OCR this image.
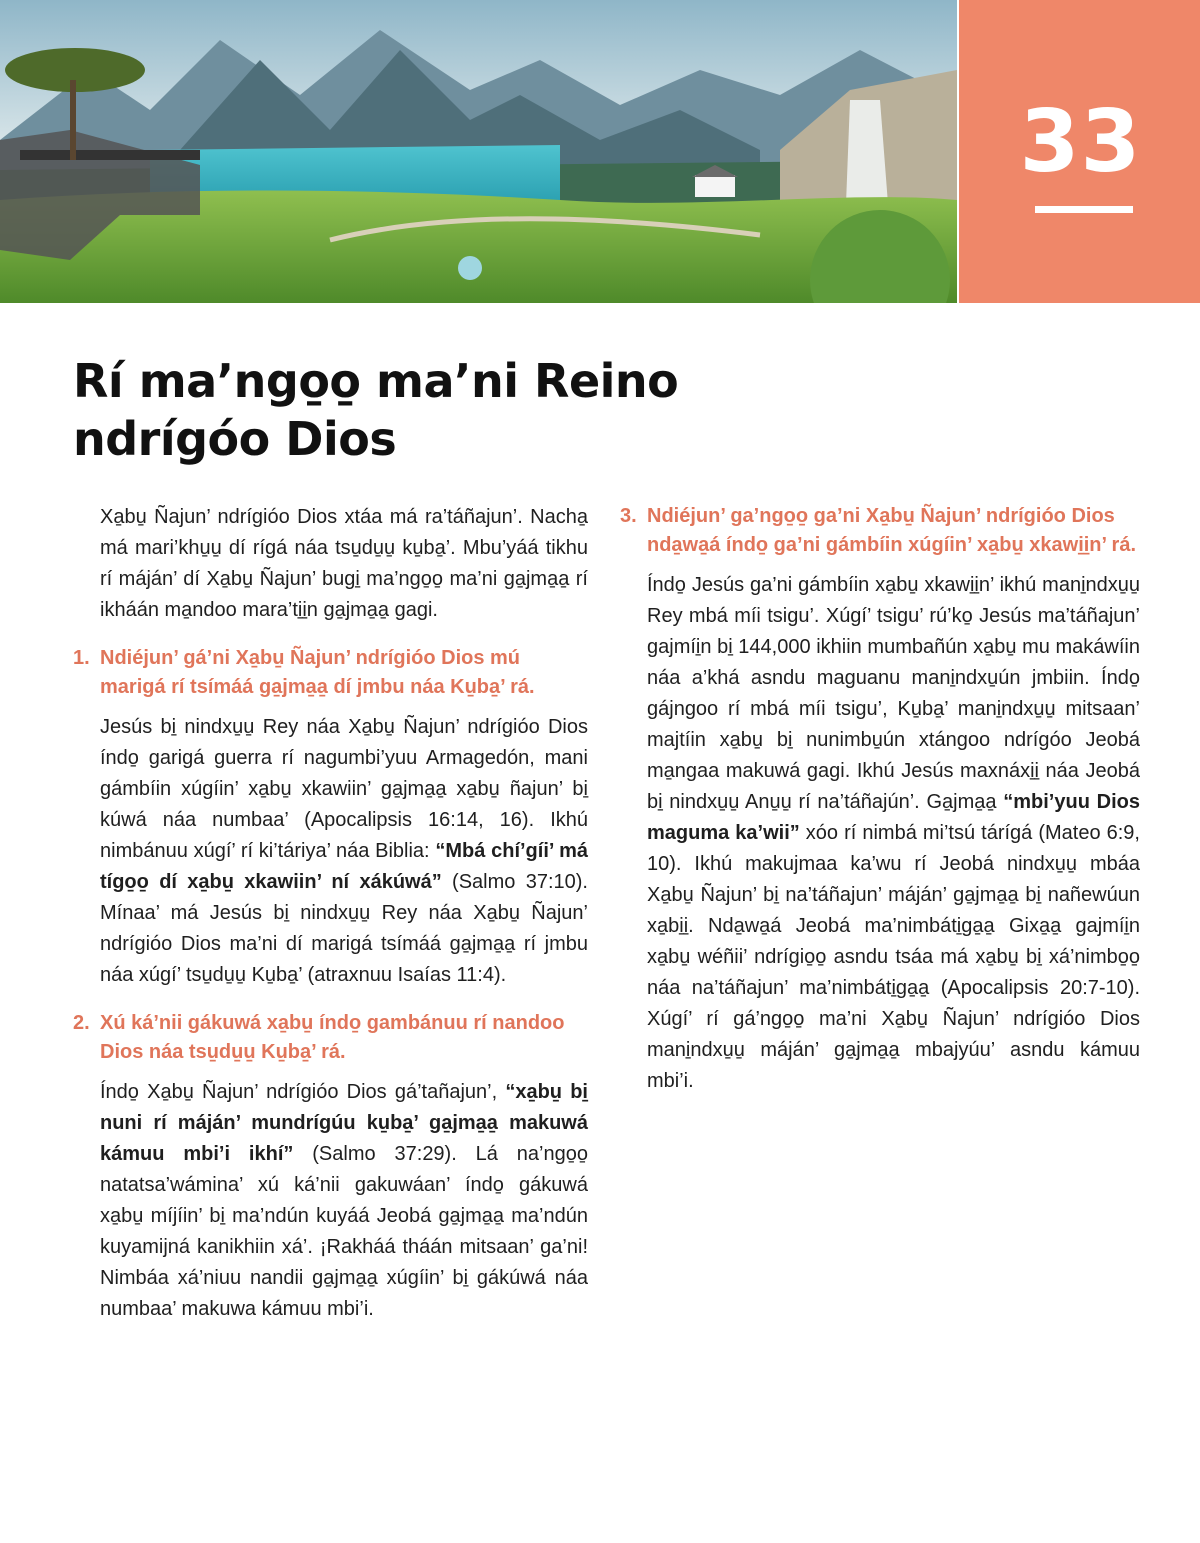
33
Rí ma’ngo̱o̱ ma’ni Reino
ndrígóo Dios

Xa̱bu̱ Ñajun’ ndrígióo Dios xtáa má ra’táñajun’. Nacha̱ má mari’khu̱u̱ dí rígá náa tsu̱du̱u̱ ku̱ba̱’. Mbu’yáá tikhu rí máján’ dí Xa̱bu̱ Ñajun’ bugi̱ ma’ngo̱o̱ ma’ni ga̱jma̱a̱ rí ikháán ma̱ndoo mara’ti̱i̱n ga̱jma̱a̱ gagi.

1. Ndiéjun’ gá’ni Xa̱bu̱ Ñajun’ ndrígióo Dios mú marigá rí tsímáá ga̱jma̱a̱ dí jmbu náa Ku̱ba̱’ rá.

Jesús bi̱ nindxu̱u̱ Rey náa Xa̱bu̱ Ñajun’ ndrígióo Dios índo̱ garigá guerra rí nagumbi’yuu Armagedón, mani gámbíin xúgíin’ xa̱bu̱ xkawiin’ ga̱jma̱a̱ xa̱bu̱ ñajun’ bi̱ kúwá náa numbaa’ (Apocalipsis 16:14, 16). Ikhú nimbánuu xúgí’ rí ki’táriya’ náa Biblia: “Mbá chí’gíi’ má tígo̱o̱ dí xa̱bu̱ xkawiin’ ní xákúwá” (Salmo 37:10). Mínaa’ má Jesús bi̱ nindxu̱u̱ Rey náa Xa̱bu̱ Ñajun’ ndrígióo Dios ma’ni dí marigá tsímáá ga̱jma̱a̱ rí jmbu náa xúgí’ tsu̱du̱u̱ Ku̱ba̱’ (atraxnuu Isaías 11:4).

2. Xú ká’nii gákuwá xa̱bu̱ índo̱ gambánuu rí nandoo Dios náa tsu̱du̱u̱ Ku̱ba̱’ rá.

Índo̱ Xa̱bu̱ Ñajun’ ndrígióo Dios gá’tañajun’, “xa̱bu̱ bi̱ nuni rí máján’ mundrígúu ku̱ba̱’ ga̱jma̱a̱ makuwá kámuu mbi’i ikhí” (Salmo 37:29). Lá na’ngo̱o̱ natatsa’wámina’ xú ká’nii gakuwáan’ índo̱ gákuwá xa̱bu̱ míjíin’ bi̱ ma’ndún kuyáá Jeobá ga̱jma̱a̱ ma’ndún kuyamijná kanikhiin xá’. ¡Rakháá tháán mitsaan’ ga’ni! Nimbáa xá’niuu nandii ga̱jma̱a̱ xúgíin’ bi̱ gákúwá náa numbaa’ makuwa kámuu mbi’i.

3. Ndiéjun’ ga’ngo̱o̱ ga’ni Xa̱bu̱ Ñajun’ ndrígióo Dios nda̱wa̱á índo̱ ga’ni gámbíin xúgíin’ xa̱bu̱ xkawi̱i̱n’ rá.

Índo̱ Jesús ga’ni gámbíin xa̱bu̱ xkawi̱i̱n’ ikhú mani̱ndxu̱u̱ Rey mbá míi tsigu’. Xúgí’ tsigu’ rú’ko̱ Jesús ma’táñajun’ gajmíi̱n bi̱ 144,000 ikhiin mumbañún xa̱bu̱ mu makáwíin náa a’khá asndu maguanu mani̱ndxu̱ún jmbiin. Índo̱ gájngoo rí mbá míi tsigu’, Ku̱ba̱’ mani̱ndxu̱u̱ mitsaan’ majtíin xa̱bu̱ bi̱ nunimbu̱ún xtángoo ndrígóo Jeobá ma̱ngaa makuwá gagi. Ikhú Jesús maxnáxi̱i̱ náa Jeobá bi̱ nindxu̱u̱ Anu̱u̱ rí na’táñajún’. Ga̱jma̱a̱ “mbi’yuu Dios maguma ka’wii” xóo rí nimbá mi’tsú tárígá (Mateo 6:9, 10). Ikhú makujmaa ka’wu rí Jeobá nindxu̱u̱ mbáa Xa̱bu̱ Ñajun’ bi̱ na’táñajun’ máján’ ga̱jma̱a̱ bi̱ nañewúun xa̱bi̱i̱. Nda̱wa̱á Jeobá ma’nimbáti̱ga̱a̱ Gixa̱a̱ gajmíi̱n xa̱bu̱ wéñii’ ndrígio̱o̱ asndu tsáa má xa̱bu̱ bi̱ xá’nimbo̱o̱ náa na’táñajun’ ma’nimbáti̱ga̱a̱ (Apocalipsis 20:7-10). Xúgí’ rí gá’ngo̱o̱ ma’ni Xa̱bu̱ Ñajun’ ndrígióo Dios mani̱ndxu̱u̱ máján’ ga̱jma̱a̱ mbajyúu’ asndu kámuu mbi’i.
